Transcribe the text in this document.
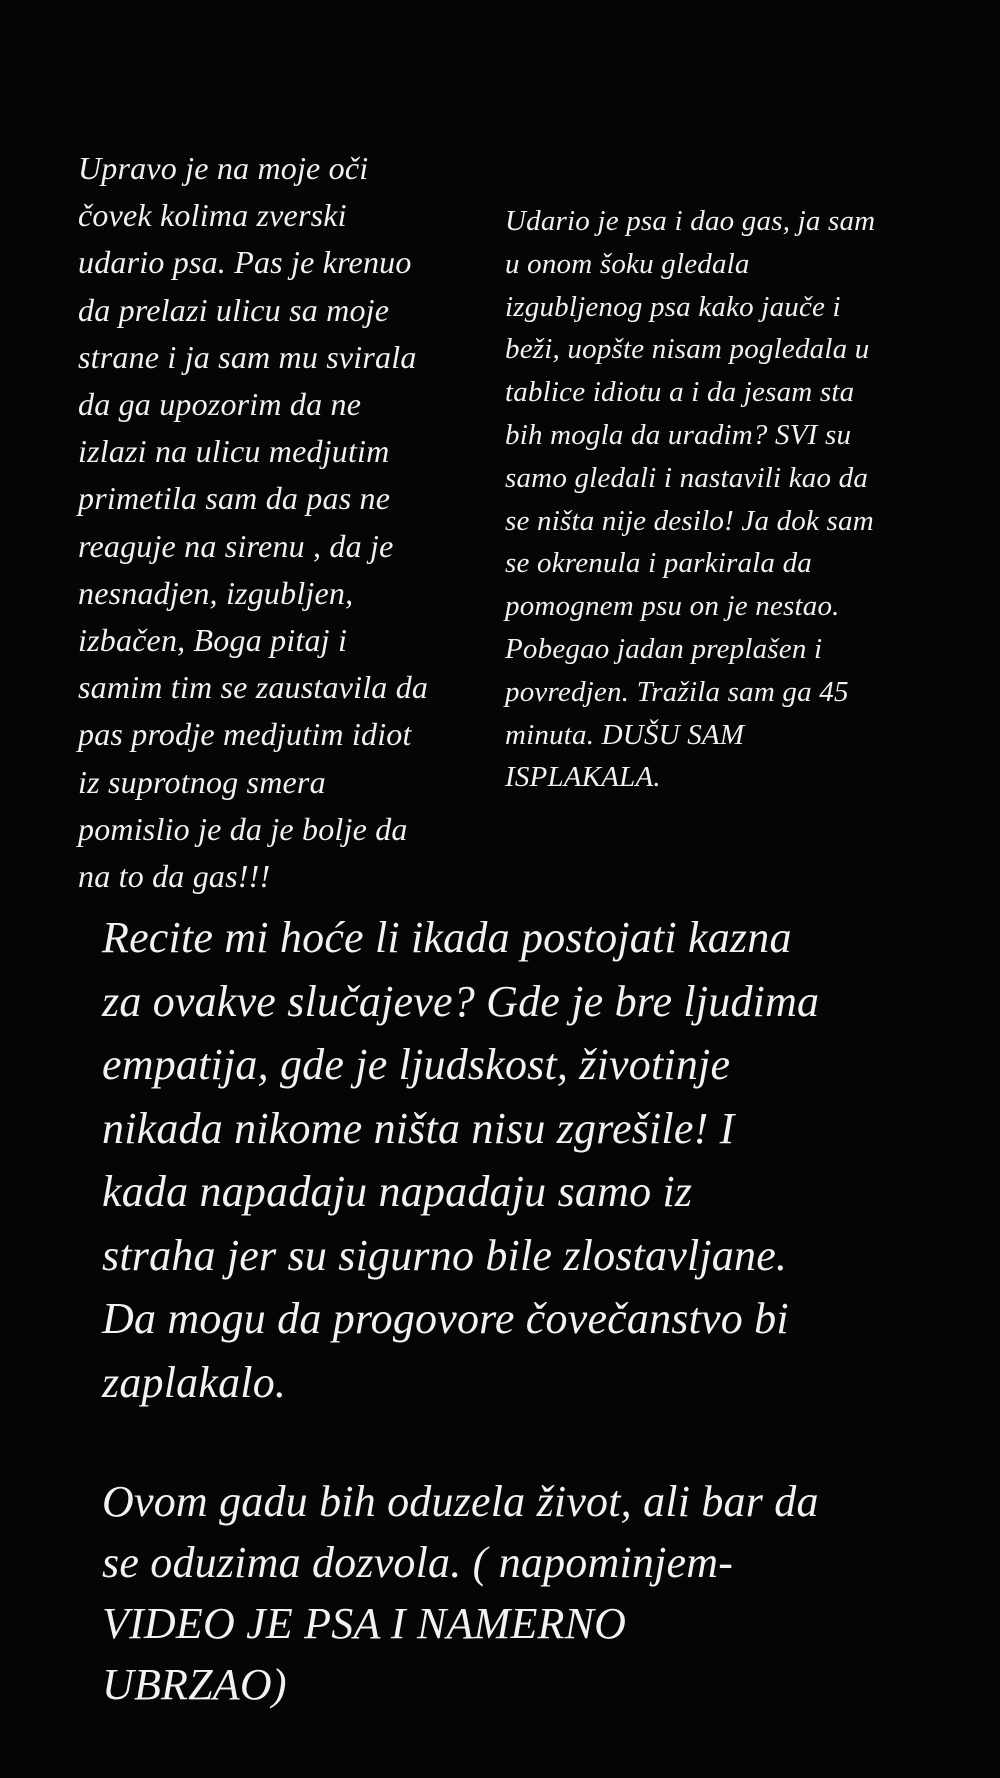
Upravo je na moje oči
čovek kolima zverski
udario psa. Pas je krenuo
da prelazi ulicu sa moje
strane i ja sam mu svirala
da ga upozorim da ne
izlazi na ulicu medjutim
primetila sam da pas ne
reaguje na sirenu , da je
nesnadjen, izgubljen,
izbačen, Boga pitaj i
samim tim se zaustavila da
pas prodje medjutim idiot
iz suprotnog smera
pomislio je da je bolje da
na to da gas!!!

Udario je psa i dao gas, ja sam
u onom šoku gledala
izgubljenog psa kako jauče i
beži, uopšte nisam pogledala u
tablice idiotu a i da jesam sta
bih mogla da uradim? SVI su
samo gledali i nastavili kao da
se ništa nije desilo! Ja dok sam
se okrenula i parkirala da
pomognem psu on je nestao.
Pobegao jadan preplašen i
povredjen. Tražila sam ga 45
minuta. DUŠU SAM
ISPLAKALA.

Recite mi hoće li ikada postojati kazna
za ovakve slučajeve? Gde je bre ljudima
empatija, gde je ljudskost, životinje
nikada nikome ništa nisu zgrešile! I
kada napadaju napadaju samo iz
straha jer su sigurno bile zlostavljane.
Da mogu da progovore čovečanstvo bi
zaplakalo.

Ovom gadu bih oduzela život, ali bar da
se oduzima dozvola. ( napominjem-
VIDEO JE PSA I NAMERNO
UBRZAO)
